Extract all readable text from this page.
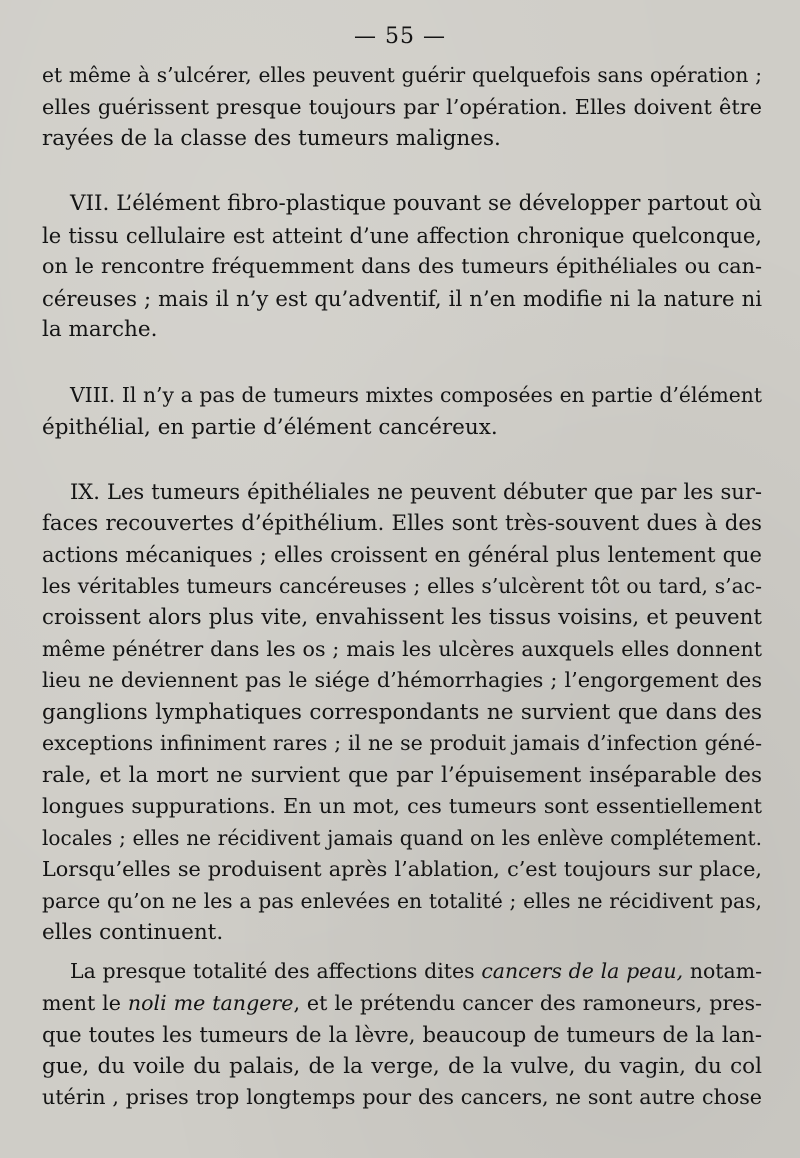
— 55 —
et même à s’ulcérer, elles peuvent guérir quelquefois sans opération ;
elles guérissent presque toujours par l’opération. Elles doivent être
rayées de la classe des tumeurs malignes.
VII. L’élément fibro-plastique pouvant se développer partout où
le tissu cellulaire est atteint d’une affection chronique quelconque,
on le rencontre fréquemment dans des tumeurs épithéliales ou can-
céreuses ; mais il n’y est qu’adventif, il n’en modifie ni la nature ni
la marche.
VIII. Il n’y a pas de tumeurs mixtes composées en partie d’élément
épithélial, en partie d’élément cancéreux.
IX. Les tumeurs épithéliales ne peuvent débuter que par les sur-
faces recouvertes d’épithélium. Elles sont très-souvent dues à des
actions mécaniques ; elles croissent en général plus lentement que
les véritables tumeurs cancéreuses ; elles s’ulcèrent tôt ou tard, s’ac-
croissent alors plus vite, envahissent les tissus voisins, et peuvent
même pénétrer dans les os ; mais les ulcères auxquels elles donnent
lieu ne deviennent pas le siége d’hémorrhagies ; l’engorgement des
ganglions lymphatiques correspondants ne survient que dans des
exceptions infiniment rares ; il ne se produit jamais d’infection géné-
rale, et la mort ne survient que par l’épuisement inséparable des
longues suppurations. En un mot, ces tumeurs sont essentiellement
locales ; elles ne récidivent jamais quand on les enlève complétement.
Lorsqu’elles se produisent après l’ablation, c’est toujours sur place,
parce qu’on ne les a pas enlevées en totalité ; elles ne récidivent pas,
elles continuent.
La presque totalité des affections dites cancers de la peau, notam-
ment le noli me tangere, et le prétendu cancer des ramoneurs, pres-
que toutes les tumeurs de la lèvre, beaucoup de tumeurs de la lan-
gue, du voile du palais, de la verge, de la vulve, du vagin, du col
utérin , prises trop longtemps pour des cancers, ne sont autre chose
